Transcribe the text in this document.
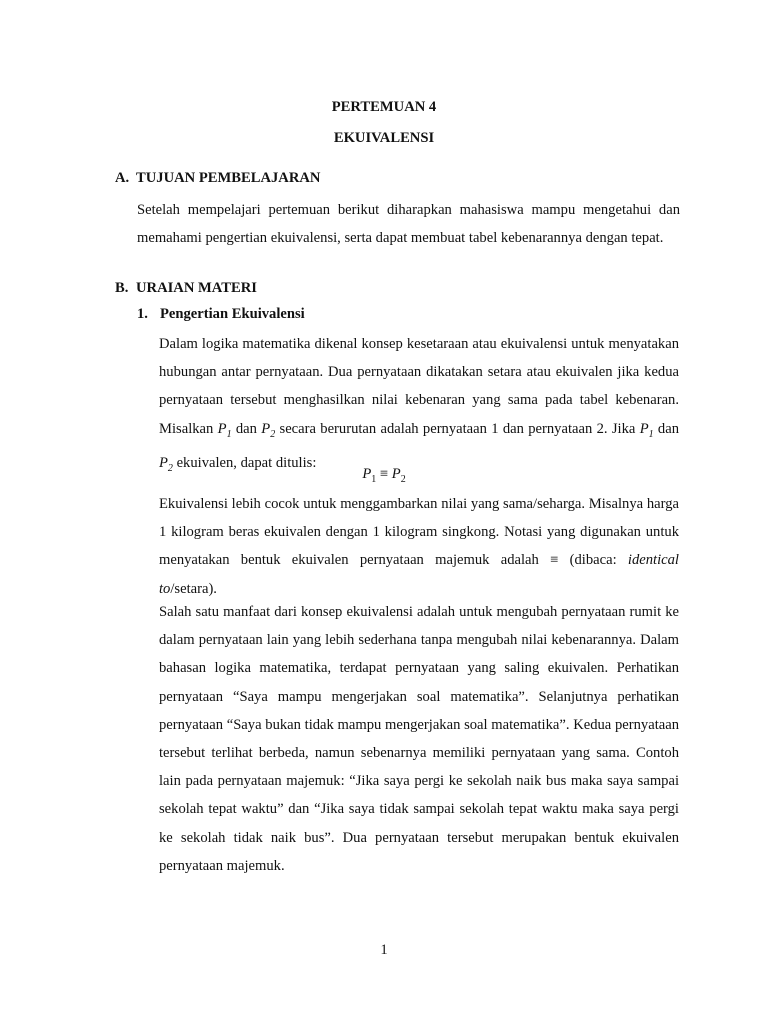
PERTEMUAN 4

EKUIVALENSI

A. TUJUAN PEMBELAJARAN

Setelah mempelajari pertemuan berikut diharapkan mahasiswa mampu mengetahui dan memahami pengertian ekuivalensi, serta dapat membuat tabel kebenarannya dengan tepat.

B. URAIAN MATERI
1. Pengertian Ekuivalensi

Dalam logika matematika dikenal konsep kesetaraan atau ekuivalensi untuk menyatakan hubungan antar pernyataan. Dua pernyataan dikatakan setara atau ekuivalen jika kedua pernyataan tersebut menghasilkan nilai kebenaran yang sama pada tabel kebenaran. Misalkan $P_1$ dan $P_2$ secara berurutan adalah pernyataan 1 dan pernyataan 2. Jika $P_1$ dan $P_2$ ekuivalen, dapat ditulis:

$P_1 \equiv P_2$

Ekuivalensi lebih cocok untuk menggambarkan nilai yang sama/seharga. Misalnya harga 1 kilogram beras ekuivalen dengan 1 kilogram singkong. Notasi yang digunakan untuk menyatakan bentuk ekuivalen pernyataan majemuk adalah ≡ (dibaca: identical to/setara).

Salah satu manfaat dari konsep ekuivalensi adalah untuk mengubah pernyataan rumit ke dalam pernyataan lain yang lebih sederhana tanpa mengubah nilai kebenarannya. Dalam bahasan logika matematika, terdapat pernyataan yang saling ekuivalen. Perhatikan pernyataan “Saya mampu mengerjakan soal matematika”. Selanjutnya perhatikan pernyataan “Saya bukan tidak mampu mengerjakan soal matematika”. Kedua pernyataan tersebut terlihat berbeda, namun sebenarnya memiliki pernyataan yang sama. Contoh lain pada pernyataan majemuk: “Jika saya pergi ke sekolah naik bus maka saya sampai sekolah tepat waktu” dan “Jika saya tidak sampai sekolah tepat waktu maka saya pergi ke sekolah tidak naik bus”. Dua pernyataan tersebut merupakan bentuk ekuivalen pernyataan majemuk.

1
